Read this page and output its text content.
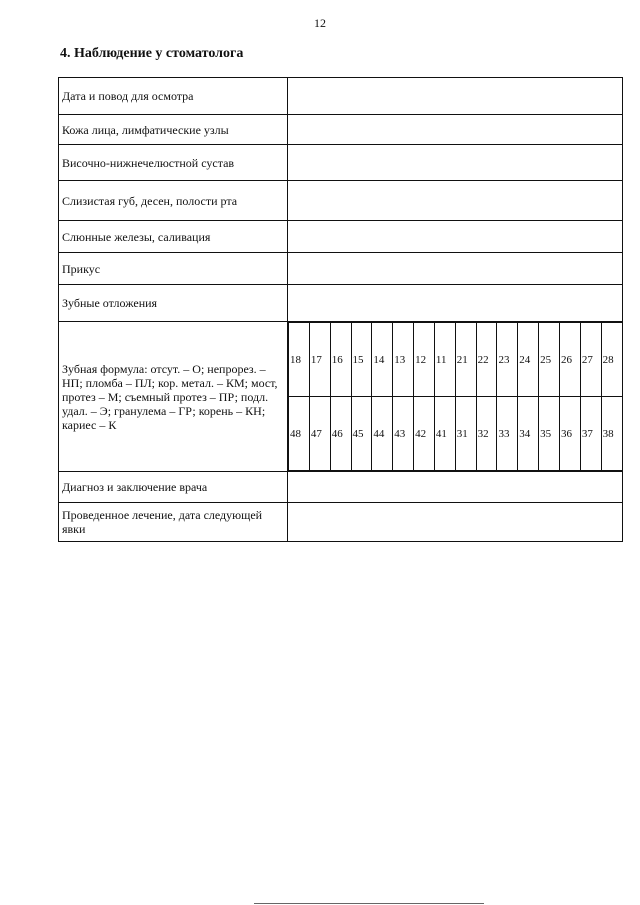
12
4. Наблюдение у стоматолога
Дата и повод для осмотра	
Кожа лица, лимфатические узлы	
Височно-нижнечелюстной сустав	
Слизистая губ, десен, полости рта	
Слюнные железы, саливация	
Прикус	
Зубные отложения	
Зубная формула: отсут. – О; непрорез. – НП; пломба – ПЛ; кор. метал. – КМ; мост, протез – М; съемный протез – ПР; подл. удал. – Э; гранулема – ГР; корень – КН; кариес – К	
18	17	16	15	14	13	12	11	21	22	23	24	25	26	27	28
48	47	46	45	44	43	42	41	31	32	33	34	35	36	37	38

Диагноз и заключение врача	
Проведенное лечение, дата следующей явки	
